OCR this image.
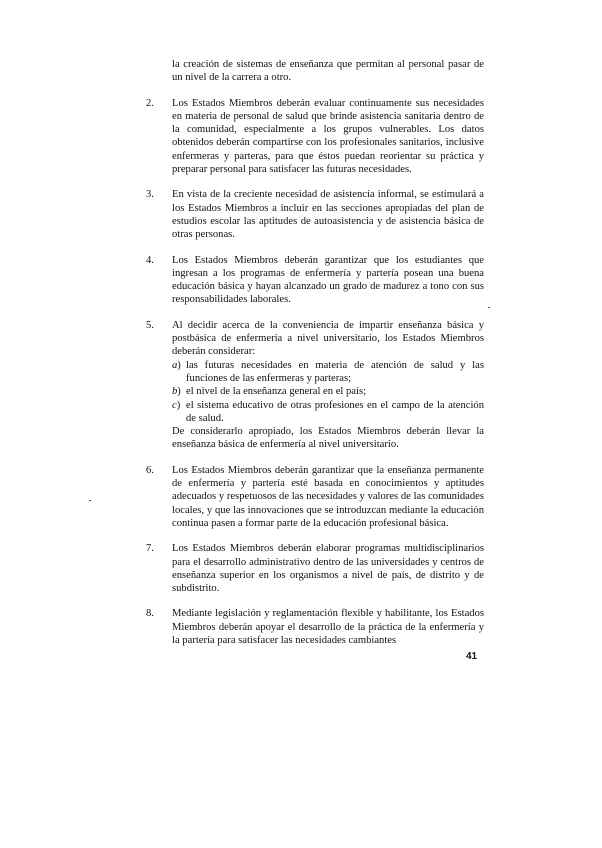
la creación de sistemas de enseñanza que permitan al personal pasar de un nivel de la carrera a otro.

2.	Los Estados Miembros deberán evaluar continuamente sus necesidades en materia de personal de salud que brinde asistencia sanitaria dentro de la comunidad, especialmente a los grupos vulnerables. Los datos obtenidos deberán compartirse con los profesionales sanitarios, inclusive enfermeras y parteras, para que éstos puedan reorientar su práctica y preparar personal para satisfacer las futuras necesidades.

3.	En vista de la creciente necesidad de asistencia informal, se estimulará a los Estados Miembros a incluir en las secciones apropiadas del plan de estudios escolar las aptitudes de autoasistencia y de asistencia básica de otras personas.

4.	Los Estados Miembros deberán garantizar que los estudiantes que ingresan a los programas de enfermería y partería posean una buena educación básica y hayan alcanzado un grado de madurez a tono con sus responsabilidades laborales.

5.	Al decidir acerca de la conveniencia de impartir enseñanza básica y postbásica de enfermería a nivel universitario, los Estados Miembros deberán considerar:

a) las futuras necesidades en materia de atención de salud y las funciones de las enfermeras y parteras;
b) el nivel de la enseñanza general en el país;
c) el sistema educativo de otras profesiones en el campo de la atención de salud.

De considerarlo apropiado, los Estados Miembros deberán llevar la enseñanza básica de enfermería al nivel universitario.

6.	Los Estados Miembros deberán garantizar que la enseñanza permanente de enfermería y partería esté basada en conocimientos y aptitudes adecuados y respetuosos de las necesidades y valores de las comunidades locales, y que las innovaciones que se introduzcan mediante la educación continua pasen a formar parte de la educación profesional básica.

7.	Los Estados Miembros deberán elaborar programas multidisciplinarios para el desarrollo administrativo dentro de las universidades y centros de enseñanza superior en los organismos a nivel de país, de distrito y de subdistrito.

8.	Mediante legislación y reglamentación flexible y habilitante, los Estados Miembros deberán apoyar el desarrollo de la práctica de la enfermería y la partería para satisfacer las necesidades cambiantes

41
